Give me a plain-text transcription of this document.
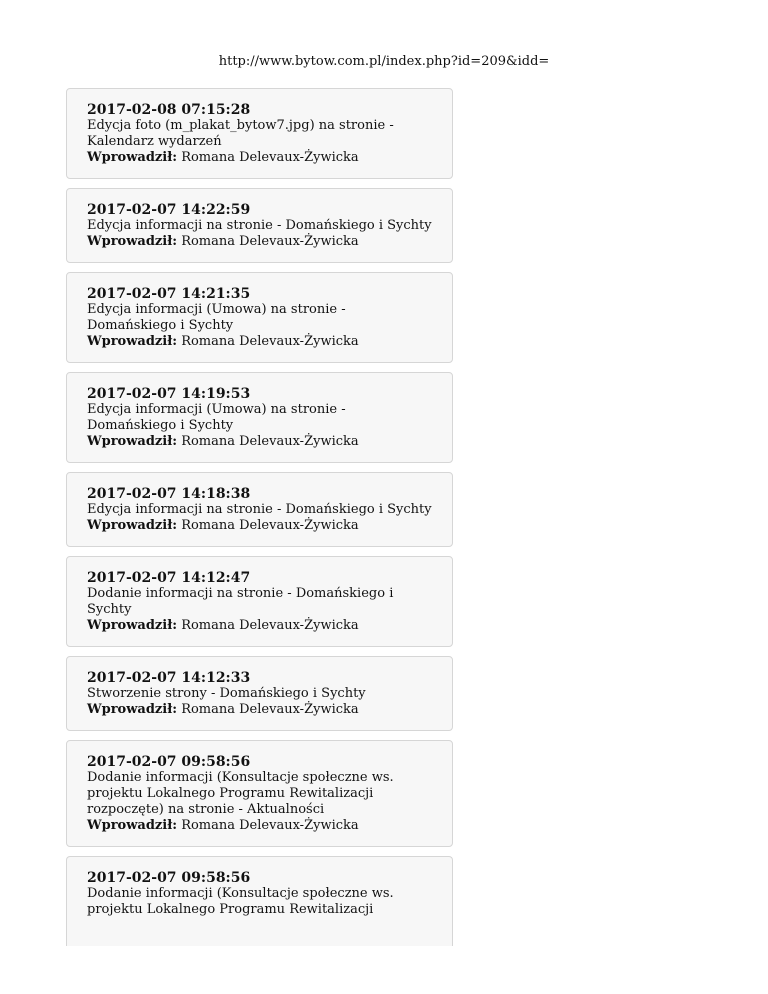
http://www.bytow.com.pl/index.php?id=209&idd=
2017-02-08 07:15:28
Edycja foto (m_plakat_bytow7.jpg) na stronie - Kalendarz wydarzeń
Wprowadził: Romana Delevaux-Żywicka
2017-02-07 14:22:59
Edycja informacji na stronie - Domańskiego i Sychty
Wprowadził: Romana Delevaux-Żywicka
2017-02-07 14:21:35
Edycja informacji (Umowa) na stronie - Domańskiego i Sychty
Wprowadził: Romana Delevaux-Żywicka
2017-02-07 14:19:53
Edycja informacji (Umowa) na stronie - Domańskiego i Sychty
Wprowadził: Romana Delevaux-Żywicka
2017-02-07 14:18:38
Edycja informacji na stronie - Domańskiego i Sychty
Wprowadził: Romana Delevaux-Żywicka
2017-02-07 14:12:47
Dodanie informacji na stronie - Domańskiego i Sychty
Wprowadził: Romana Delevaux-Żywicka
2017-02-07 14:12:33
Stworzenie strony - Domańskiego i Sychty
Wprowadził: Romana Delevaux-Żywicka
2017-02-07 09:58:56
Dodanie informacji (Konsultacje społeczne ws. projektu Lokalnego Programu Rewitalizacji rozpoczęte) na stronie - Aktualności
Wprowadził: Romana Delevaux-Żywicka
2017-02-07 09:58:56
Dodanie informacji (Konsultacje społeczne ws. projektu Lokalnego Programu Rewitalizacji
